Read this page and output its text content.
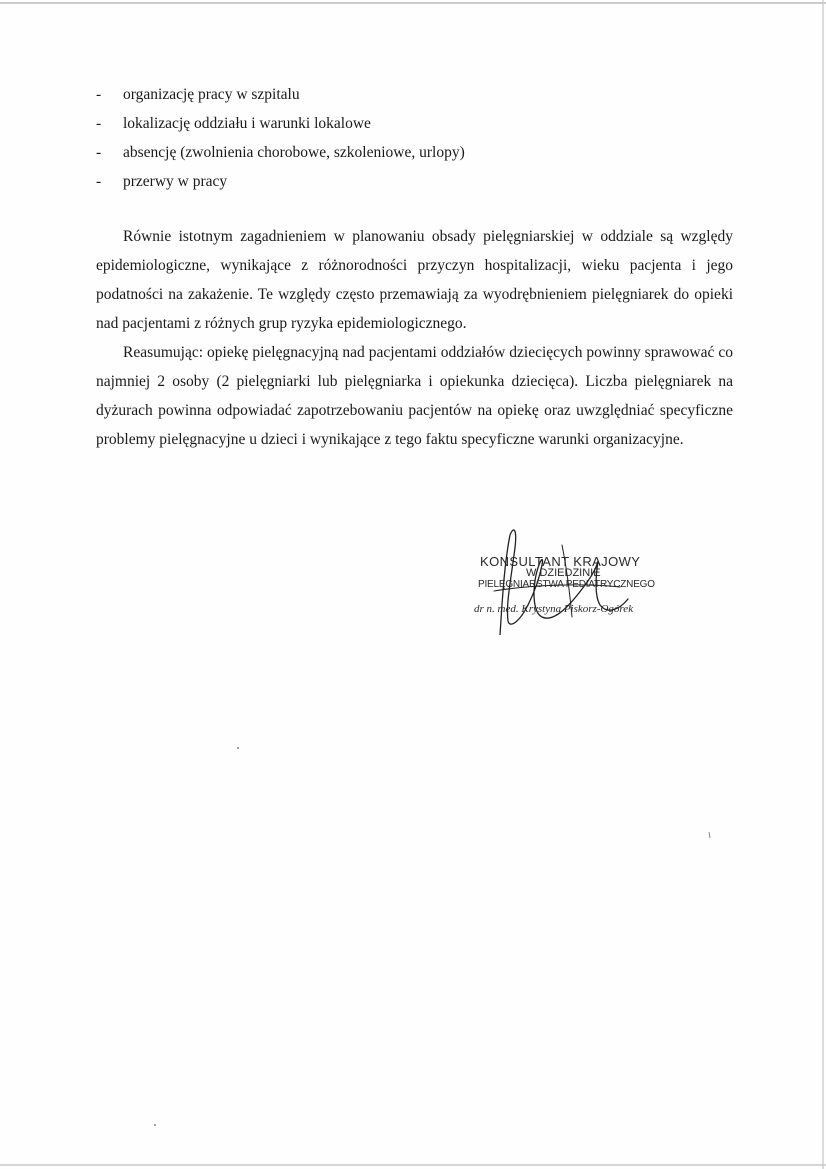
- organizację pracy w szpitalu
- lokalizację oddziału i warunki lokalowe
- absencję (zwolnienia chorobowe, szkoleniowe, urlopy)
- przerwy w pracy

Równie istotnym zagadnieniem w planowaniu obsady pielęgniarskiej w oddziale są względy epidemiologiczne, wynikające z różnorodności przyczyn hospitalizacji, wieku pacjenta i jego podatności na zakażenie. Te względy często przemawiają za wyodrębnieniem pielęgniarek do opieki nad pacjentami z różnych grup ryzyka epidemiologicznego.

Reasumując: opiekę pielęgnacyjną nad pacjentami oddziałów dziecięcych powinny sprawować co najmniej 2 osoby (2 pielęgniarki lub pielęgniarka i opiekunka dziecięca). Liczba pielęgniarek na dyżurach powinna odpowiadać zapotrzebowaniu pacjentów na opiekę oraz uwzględniać specyficzne problemy pielęgnacyjne u dzieci i wynikające z tego faktu specyficzne warunki organizacyjne.

KONSULTANT KRAJOWY
W DZIEDZINIE
PIELĘGNIARSTWA PEDIATRYCZNEGO
dr n. med. Krystyna Piskorz-Ogórek
